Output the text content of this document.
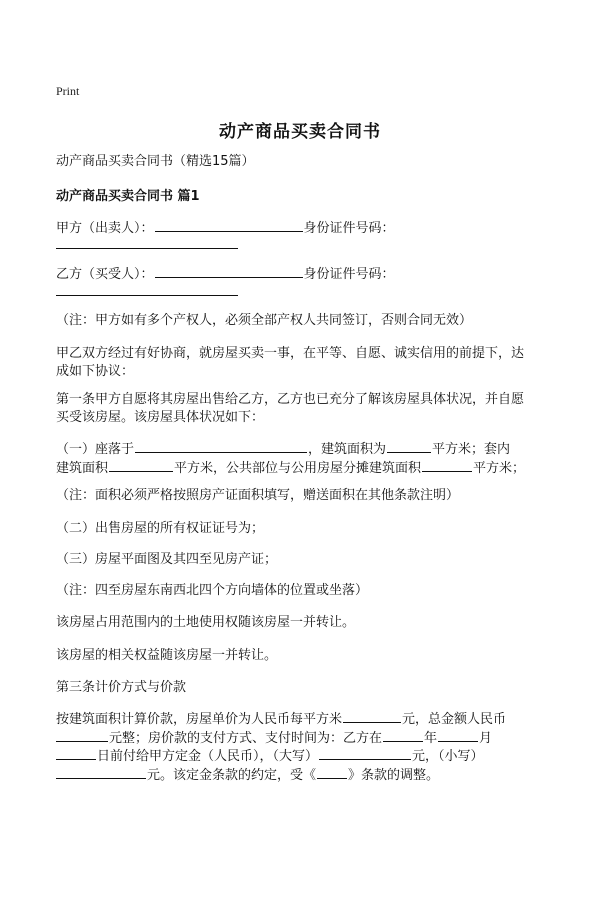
Print
动产商品买卖合同书
动产商品买卖合同书（精选15篇）
动产商品买卖合同书 篇1
甲方（出卖人）：	身份证件号码：
乙方（买受人）：	身份证件号码：
（注：甲方如有多个产权人，必须全部产权人共同签订，否则合同无效）
甲乙双方经过有好协商，就房屋买卖一事，在平等、自愿、诚实信用的前提下，达
成如下协议：
第一条甲方自愿将其房屋出售给乙方，乙方也已充分了解该房屋具体状况，并自愿
买受该房屋。该房屋具体状况如下：
（一）座落于	，建筑面积为	平方米；套内
建筑面积	平方米，公共部位与公用房屋分摊建筑面积	平方米；
（注：面积必须严格按照房产证面积填写，赠送面积在其他条款注明）
（二）出售房屋的所有权证证号为；
（三）房屋平面图及其四至见房产证；
（注：四至房屋东南西北四个方向墙体的位置或坐落）
该房屋占用范围内的土地使用权随该房屋一并转让。
该房屋的相关权益随该房屋一并转让。
第三条计价方式与价款
按建筑面积计算价款，房屋单价为人民币每平方米	元，总金额人民币
元整；房价款的支付方式、支付时间为：乙方在	年	月
日前付给甲方定金（人民币），（大写）	元，（小写）
元。该定金条款的约定，受《 》条款的调整。
